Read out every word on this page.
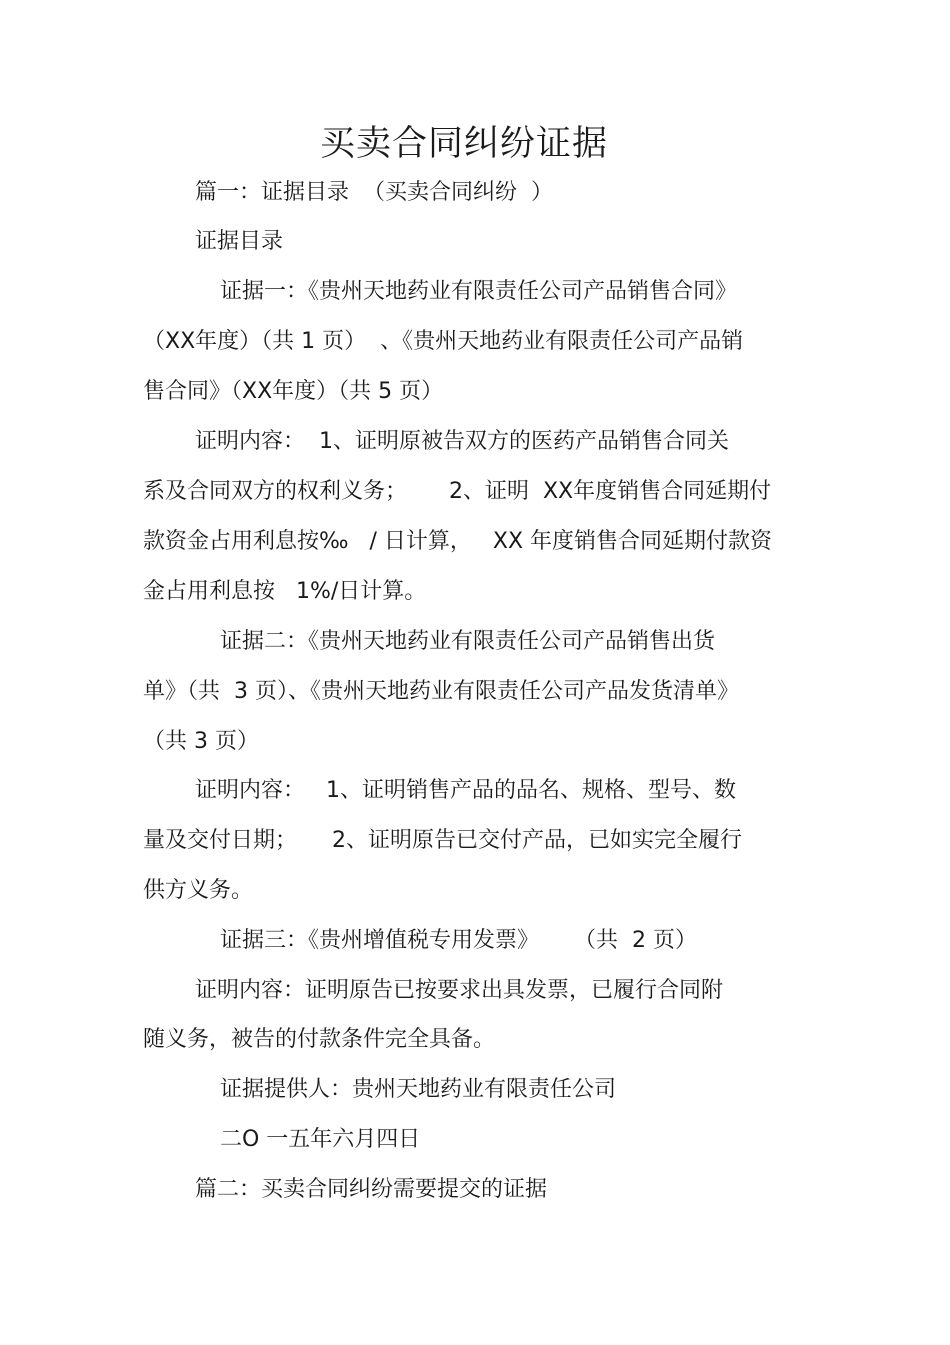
买卖合同纠纷证据

篇一：证据目录  （买卖合同纠纷  ）

证据目录

证据一：《贵州天地药业有限责任公司产品销售合同》

（XX年度）（共 1 页）  、《贵州天地药业有限责任公司产品销

售合同》（XX年度）（共 5 页）

证明内容：  1、证明原被告双方的医药产品销售合同关

系及合同双方的权利义务；      2、证明  XX年度销售合同延期付

款资金占用利息按‰   / 日计算，   XX 年度销售合同延期付款资

金占用利息按   1%/日计算。

证据二：《贵州天地药业有限责任公司产品销售出货

单》（共  3 页）、《贵州天地药业有限责任公司产品发货清单》

（共 3 页）

证明内容：   1、证明销售产品的品名、规格、型号、数

量及交付日期；     2、证明原告已交付产品，已如实完全履行

供方义务。

证据三：《贵州增值税专用发票》     （共  2 页）

证明内容：证明原告已按要求出具发票，已履行合同附

随义务，被告的付款条件完全具备。

证据提供人：贵州天地药业有限责任公司

二O 一五年六月四日

篇二：买卖合同纠纷需要提交的证据
